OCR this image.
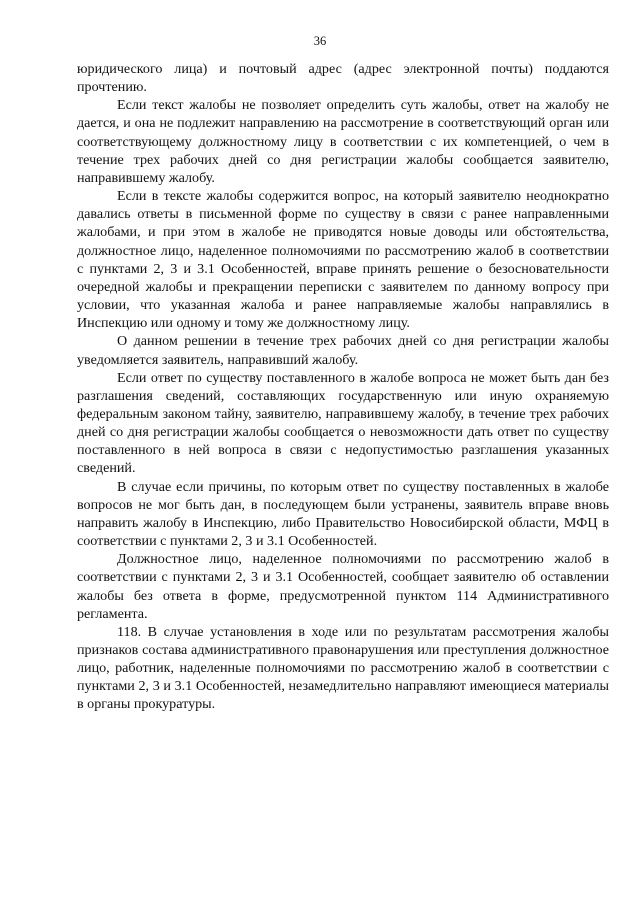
36

юридического лица) и почтовый адрес (адрес электронной почты) поддаются прочтению.

Если текст жалобы не позволяет определить суть жалобы, ответ на жалобу не дается, и она не подлежит направлению на рассмотрение в соответствующий орган или соответствующему должностному лицу в соответствии с их компетенцией, о чем в течение трех рабочих дней со дня регистрации жалобы сообщается заявителю, направившему жалобу.

Если в тексте жалобы содержится вопрос, на который заявителю неоднократно давались ответы в письменной форме по существу в связи с ранее направленными жалобами, и при этом в жалобе не приводятся новые доводы или обстоятельства, должностное лицо, наделенное полномочиями по рассмотрению жалоб в соответствии с пунктами 2, 3 и 3.1 Особенностей, вправе принять решение о безосновательности очередной жалобы и прекращении переписки с заявителем по данному вопросу при условии, что указанная жалоба и ранее направляемые жалобы направлялись в Инспекцию или одному и тому же должностному лицу.

О данном решении в течение трех рабочих дней со дня регистрации жалобы уведомляется заявитель, направивший жалобу.

Если ответ по существу поставленного в жалобе вопроса не может быть дан без разглашения сведений, составляющих государственную или иную охраняемую федеральным законом тайну, заявителю, направившему жалобу, в течение трех рабочих дней со дня регистрации жалобы сообщается о невозможности дать ответ по существу поставленного в ней вопроса в связи с недопустимостью разглашения указанных сведений.

В случае если причины, по которым ответ по существу поставленных в жалобе вопросов не мог быть дан, в последующем были устранены, заявитель вправе вновь направить жалобу в Инспекцию, либо Правительство Новосибирской области, МФЦ в соответствии с пунктами 2, 3 и 3.1 Особенностей.

Должностное лицо, наделенное полномочиями по рассмотрению жалоб в соответствии с пунктами 2, 3 и 3.1 Особенностей, сообщает заявителю об оставлении жалобы без ответа в форме, предусмотренной пунктом 114 Административного регламента.

118. В случае установления в ходе или по результатам рассмотрения жалобы признаков состава административного правонарушения или преступления должностное лицо, работник, наделенные полномочиями по рассмотрению жалоб в соответствии с пунктами 2, 3 и 3.1 Особенностей, незамедлительно направляют имеющиеся материалы в органы прокуратуры.
